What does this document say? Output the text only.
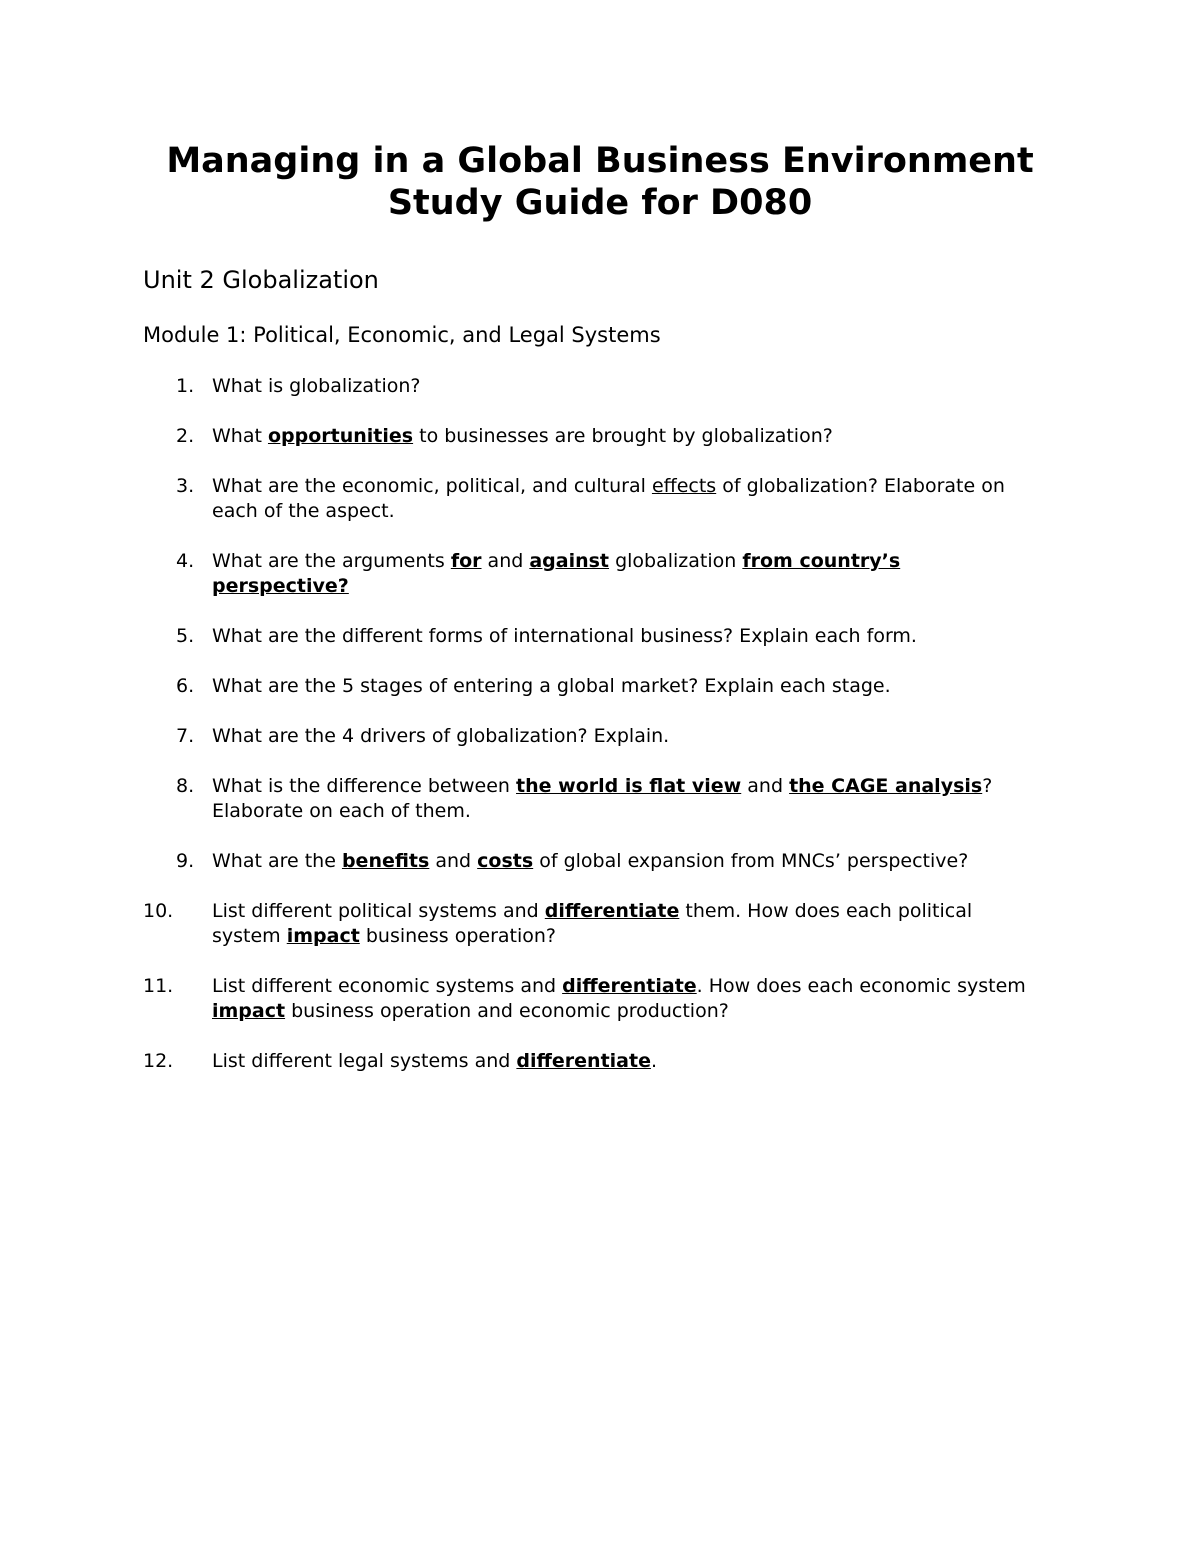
Managing in a Global Business Environment
Study Guide for D080
Unit 2 Globalization
Module 1: Political, Economic, and Legal Systems
1. What is globalization?
2. What opportunities to businesses are brought by globalization?
3. What are the economic, political, and cultural effects of globalization? Elaborate on each of the aspect.
4. What are the arguments for and against globalization from country’s perspective?
5. What are the different forms of international business? Explain each form.
6. What are the 5 stages of entering a global market? Explain each stage.
7. What are the 4 drivers of globalization? Explain.
8. What is the difference between the world is flat view and the CAGE analysis? Elaborate on each of them.
9. What are the benefits and costs of global expansion from MNCs’ perspective?
10. List different political systems and differentiate them. How does each political system impact business operation?
11. List different economic systems and differentiate. How does each economic system impact business operation and economic production?
12. List different legal systems and differentiate.
